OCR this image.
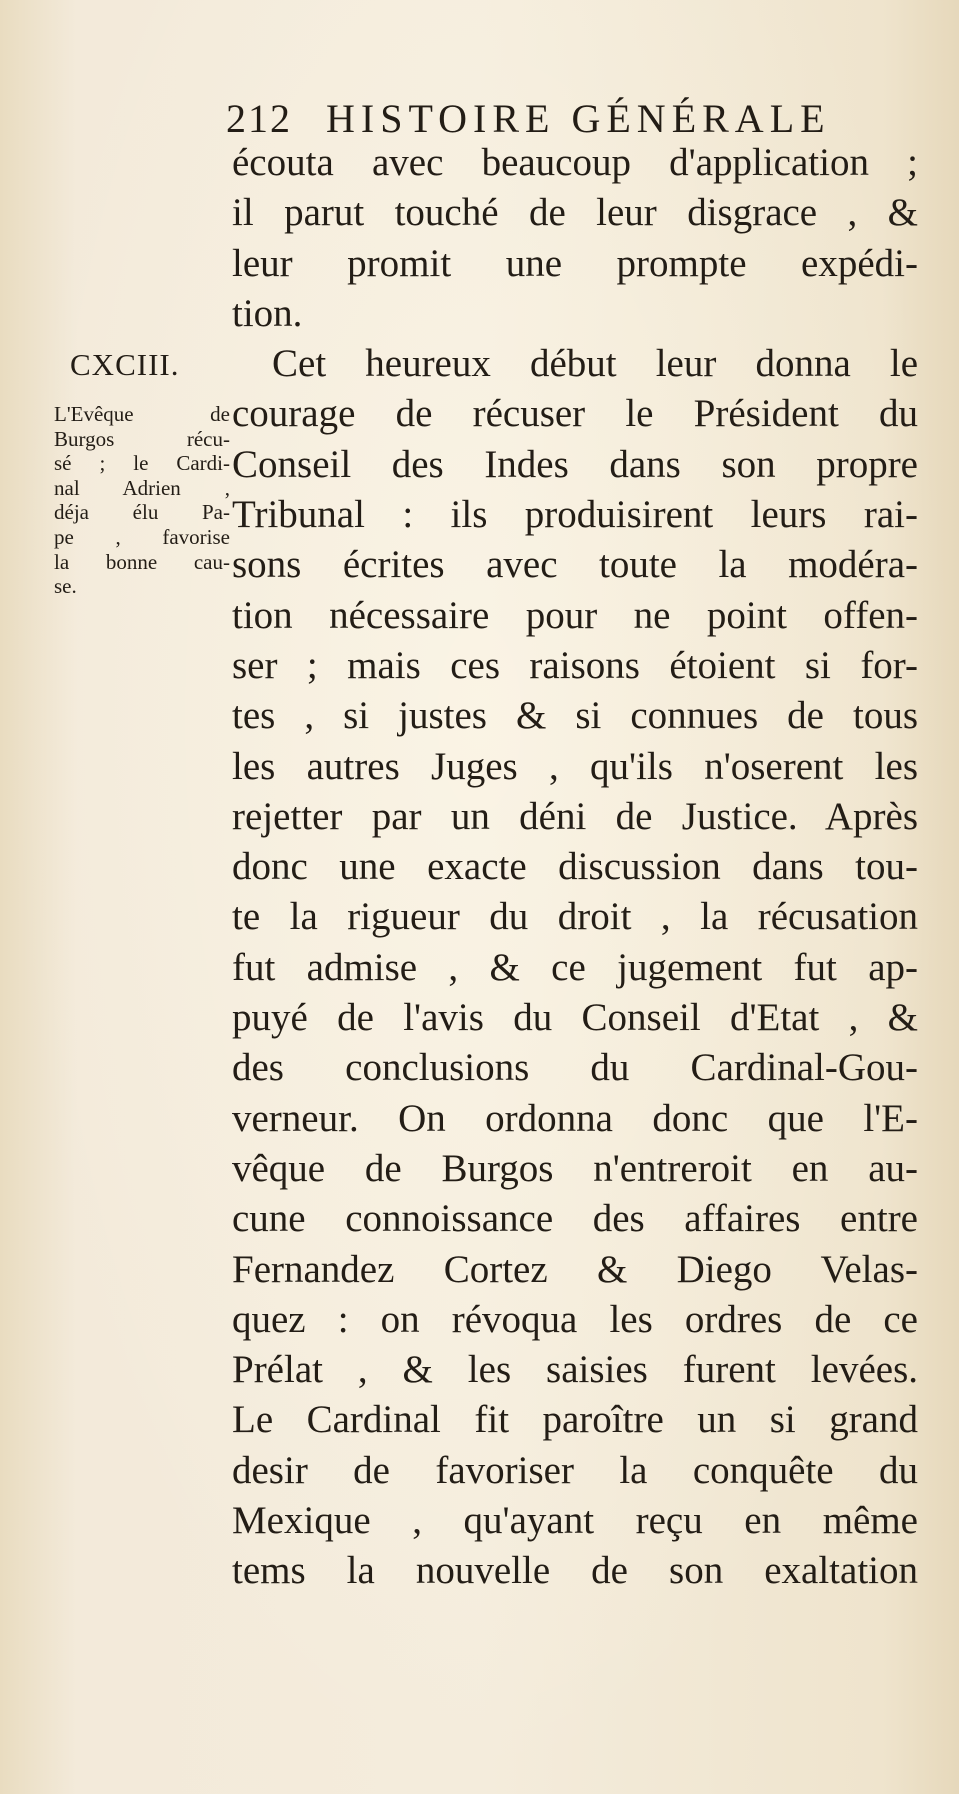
212 HISTOIRE GÉNÉRALE
CXCIII.
L'Evêque de
Burgos récu-
sé ; le Cardi-
nal Adrien ,
déja élu Pa-
pe , favorise
la bonne cau-
se.
écouta avec beaucoup d'application ;
il parut touché de leur disgrace , &
leur promit une prompte expédi-
tion.
Cet heureux début leur donna le
courage de récuser le Président du
Conseil des Indes dans son propre
Tribunal : ils produisirent leurs rai-
sons écrites avec toute la modéra-
tion nécessaire pour ne point offen-
ser ; mais ces raisons étoient si for-
tes , si justes & si connues de tous
les autres Juges , qu'ils n'oserent les
rejetter par un déni de Justice. Après
donc une exacte discussion dans tou-
te la rigueur du droit , la récusation
fut admise , & ce jugement fut ap-
puyé de l'avis du Conseil d'Etat , &
des conclusions du Cardinal-Gou-
verneur. On ordonna donc que l'E-
vêque de Burgos n'entreroit en au-
cune connoissance des affaires entre
Fernandez Cortez & Diego Velas-
quez : on révoqua les ordres de ce
Prélat , & les saisies furent levées.
Le Cardinal fit paroître un si grand
desir de favoriser la conquête du
Mexique , qu'ayant reçu en même
tems la nouvelle de son exaltation
